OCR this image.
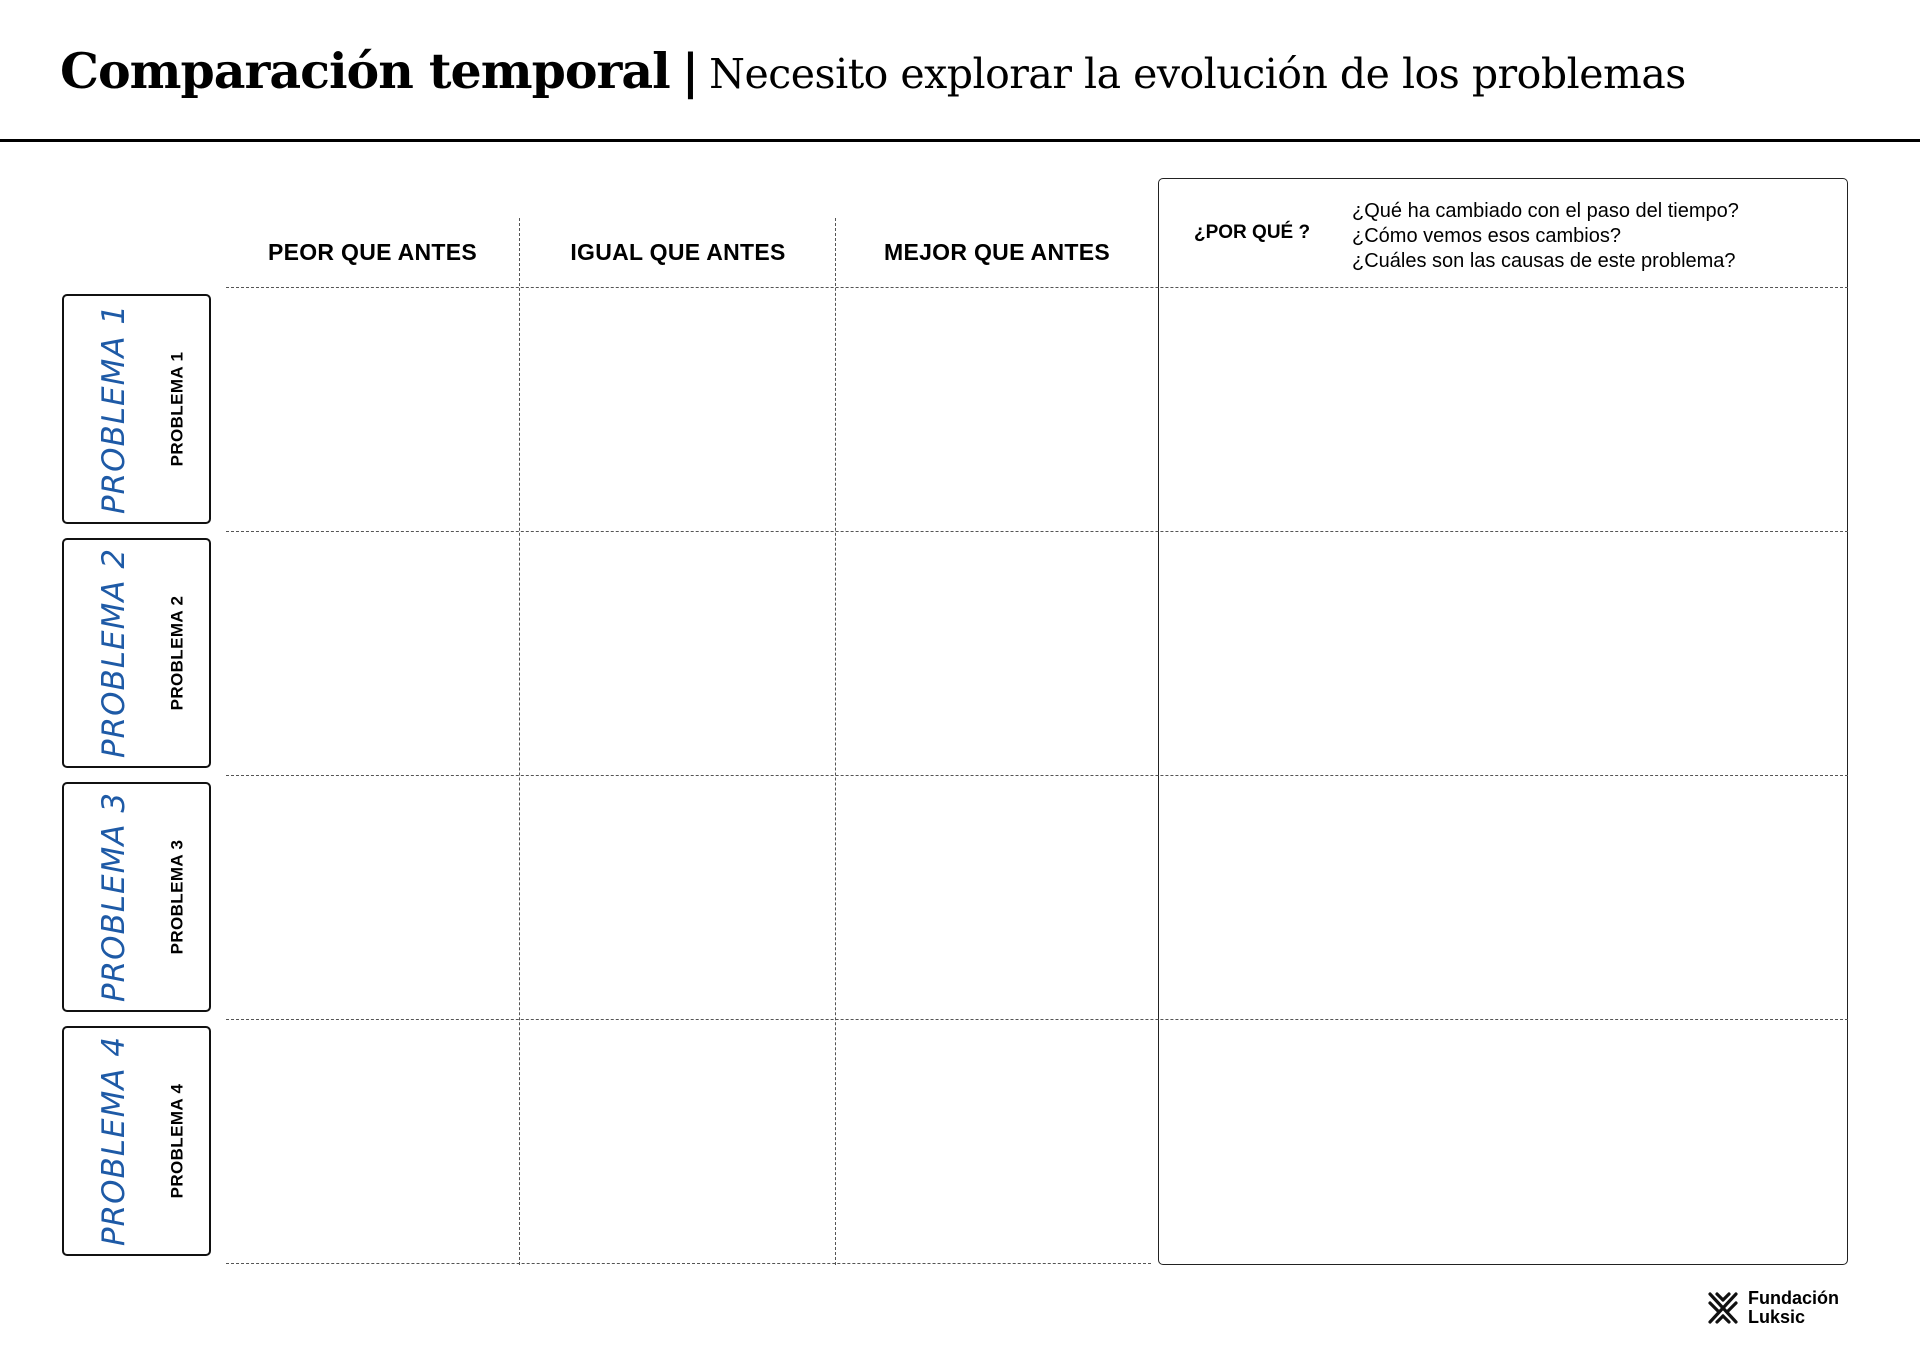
Comparación temporal | Necesito explorar la evolución de los problemas
PEOR QUE ANTES	IGUAL QUE ANTES	MEJOR QUE ANTES
¿POR QUÉ ?
¿Qué ha cambiado con el paso del tiempo?
¿Cómo vemos esos cambios?
¿Cuáles son las causas de este problema?
PROBLEMA 1 PROBLEMA 1
PROBLEMA 2 PROBLEMA 2
PROBLEMA 3 PROBLEMA 3
PROBLEMA 4 PROBLEMA 4
Fundación
Luksic
